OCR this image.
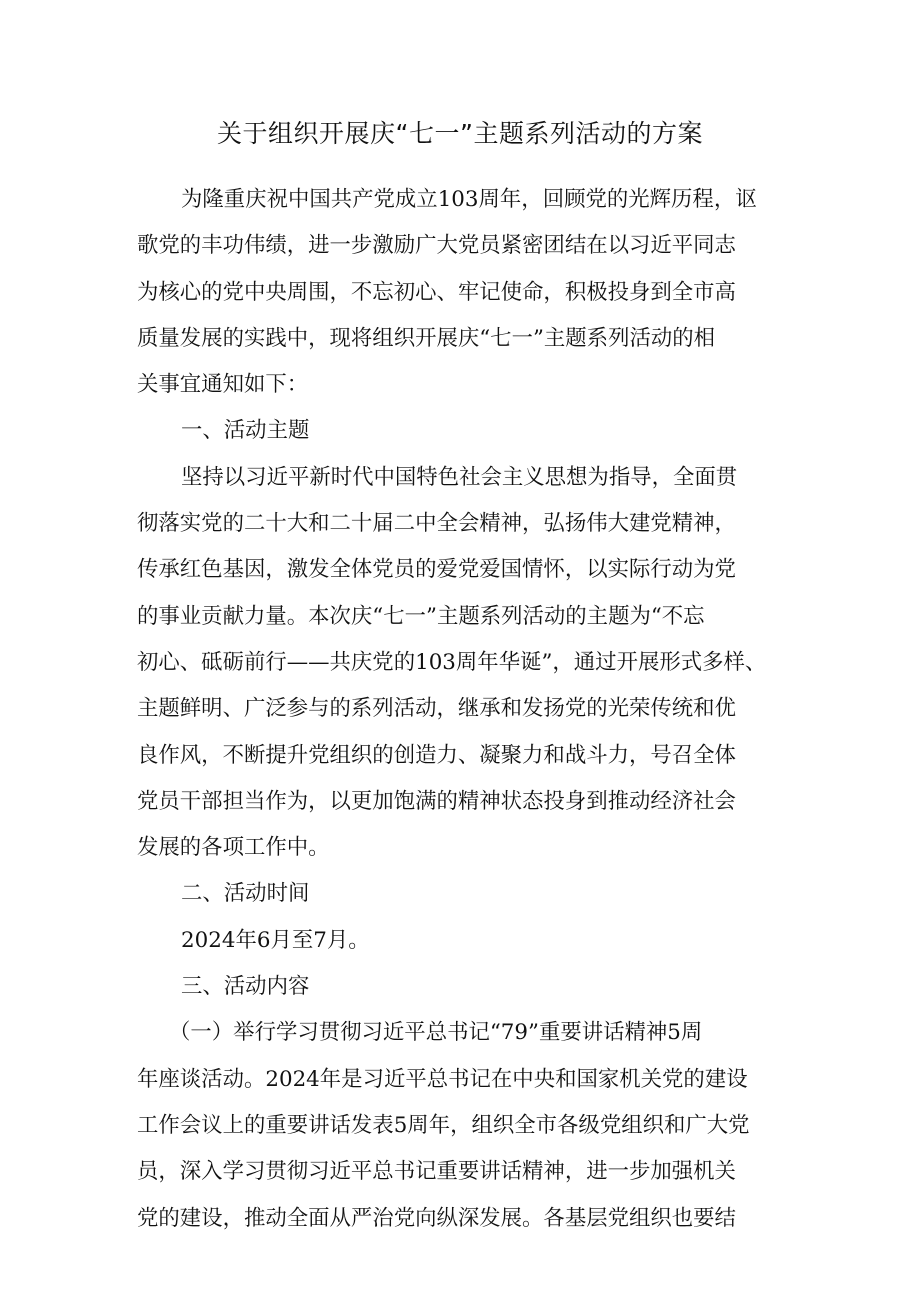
关于组织开展庆“七一”主题系列活动的方案
为隆重庆祝中国共产党成立103周年，回顾党的光辉历程，讴
歌党的丰功伟绩，进一步激励广大党员紧密团结在以习近平同志
为核心的党中央周围，不忘初心、牢记使命，积极投身到全市高
质量发展的实践中，现将组织开展庆“七一”主题系列活动的相
关事宜通知如下：
一、活动主题
坚持以习近平新时代中国特色社会主义思想为指导，全面贯
彻落实党的二十大和二十届二中全会精神，弘扬伟大建党精神，
传承红色基因，激发全体党员的爱党爱国情怀，以实际行动为党
的事业贡献力量。本次庆“七一”主题系列活动的主题为“不忘
初心、砥砺前行——共庆党的103周年华诞”，通过开展形式多样、
主题鲜明、广泛参与的系列活动，继承和发扬党的光荣传统和优
良作风，不断提升党组织的创造力、凝聚力和战斗力，号召全体
党员干部担当作为，以更加饱满的精神状态投身到推动经济社会
发展的各项工作中。
二、活动时间
2024年6月至7月。
三、活动内容
（一）举行学习贯彻习近平总书记“79”重要讲话精神5周
年座谈活动。2024年是习近平总书记在中央和国家机关党的建设
工作会议上的重要讲话发表5周年，组织全市各级党组织和广大党
员，深入学习贯彻习近平总书记重要讲话精神，进一步加强机关
党的建设，推动全面从严治党向纵深发展。各基层党组织也要结
